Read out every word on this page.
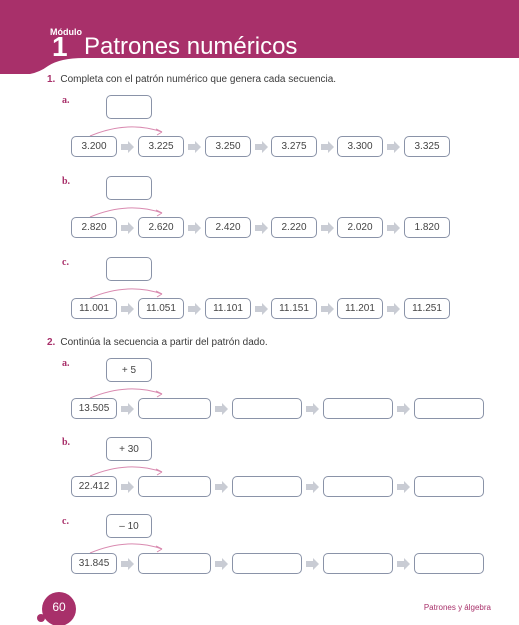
Módulo
1 Patrones numéricos
1. Completa con el patrón numérico que genera cada secuencia.
a.
3.200	3.225	3.250	3.275	3.300	3.325
b.
2.820	2.620	2.420	2.220	2.020	1.820
c.
11.001	11.051	11.101	11.151	11.201	11.251
2. Continúa la secuencia a partir del patrón dado.
a.
+ 5
13.505
b.
+ 30
22.412
c.	– 10
31.845
60	Patrones y álgebra
